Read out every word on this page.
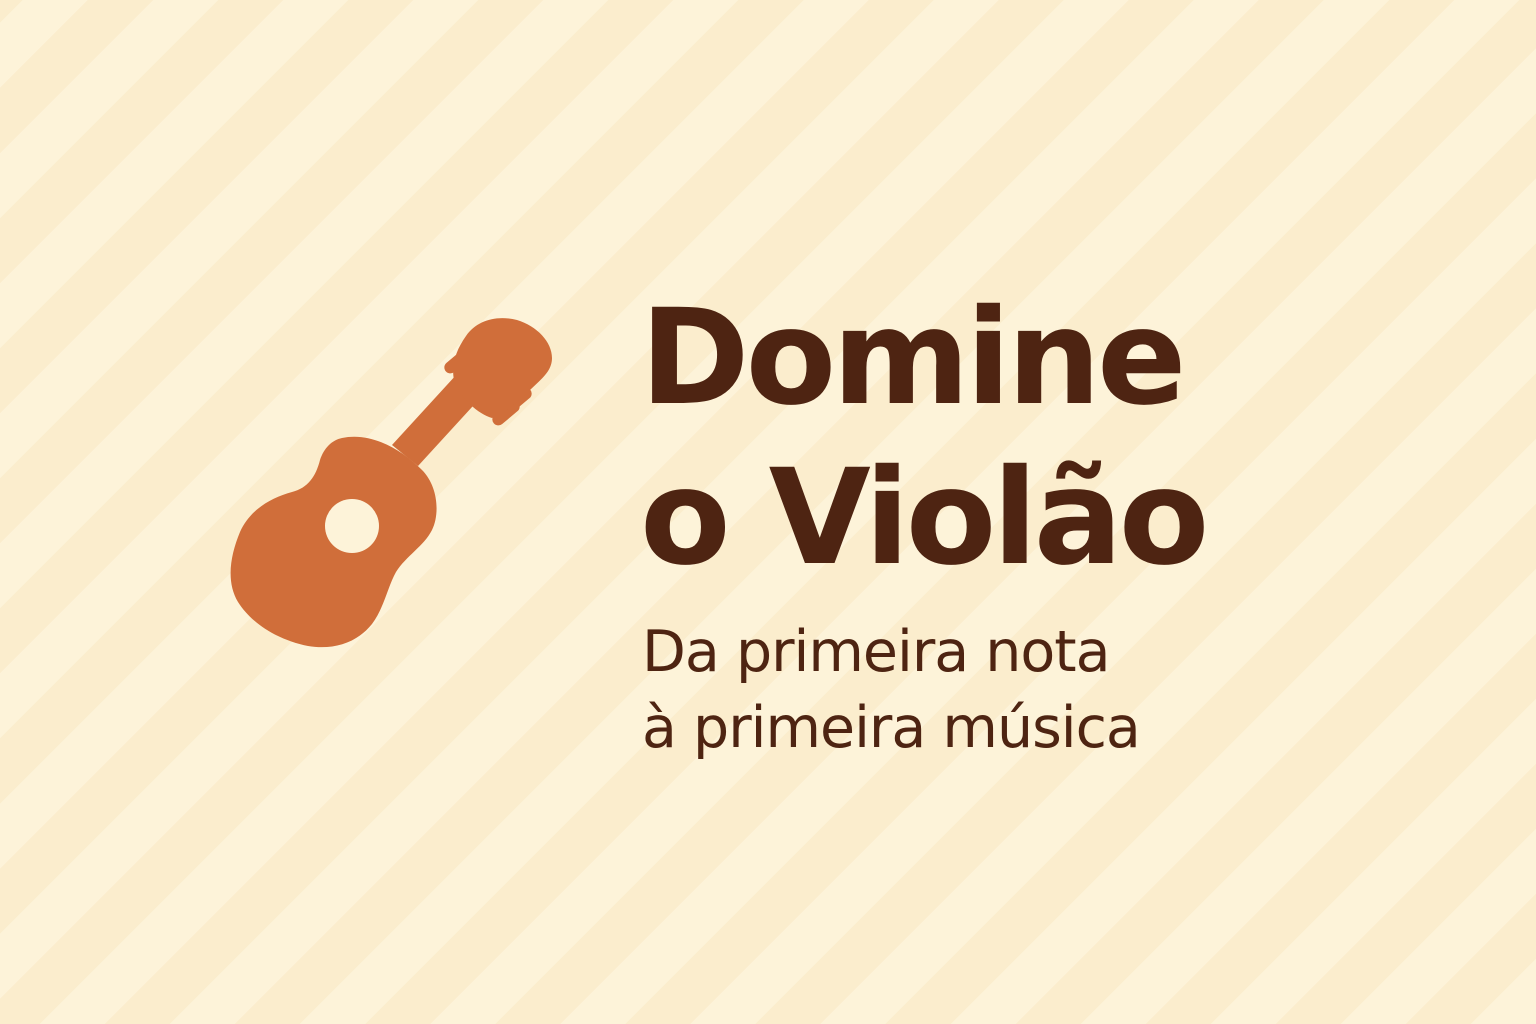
Domine
o Violão

Da primeira nota
à primeira música
